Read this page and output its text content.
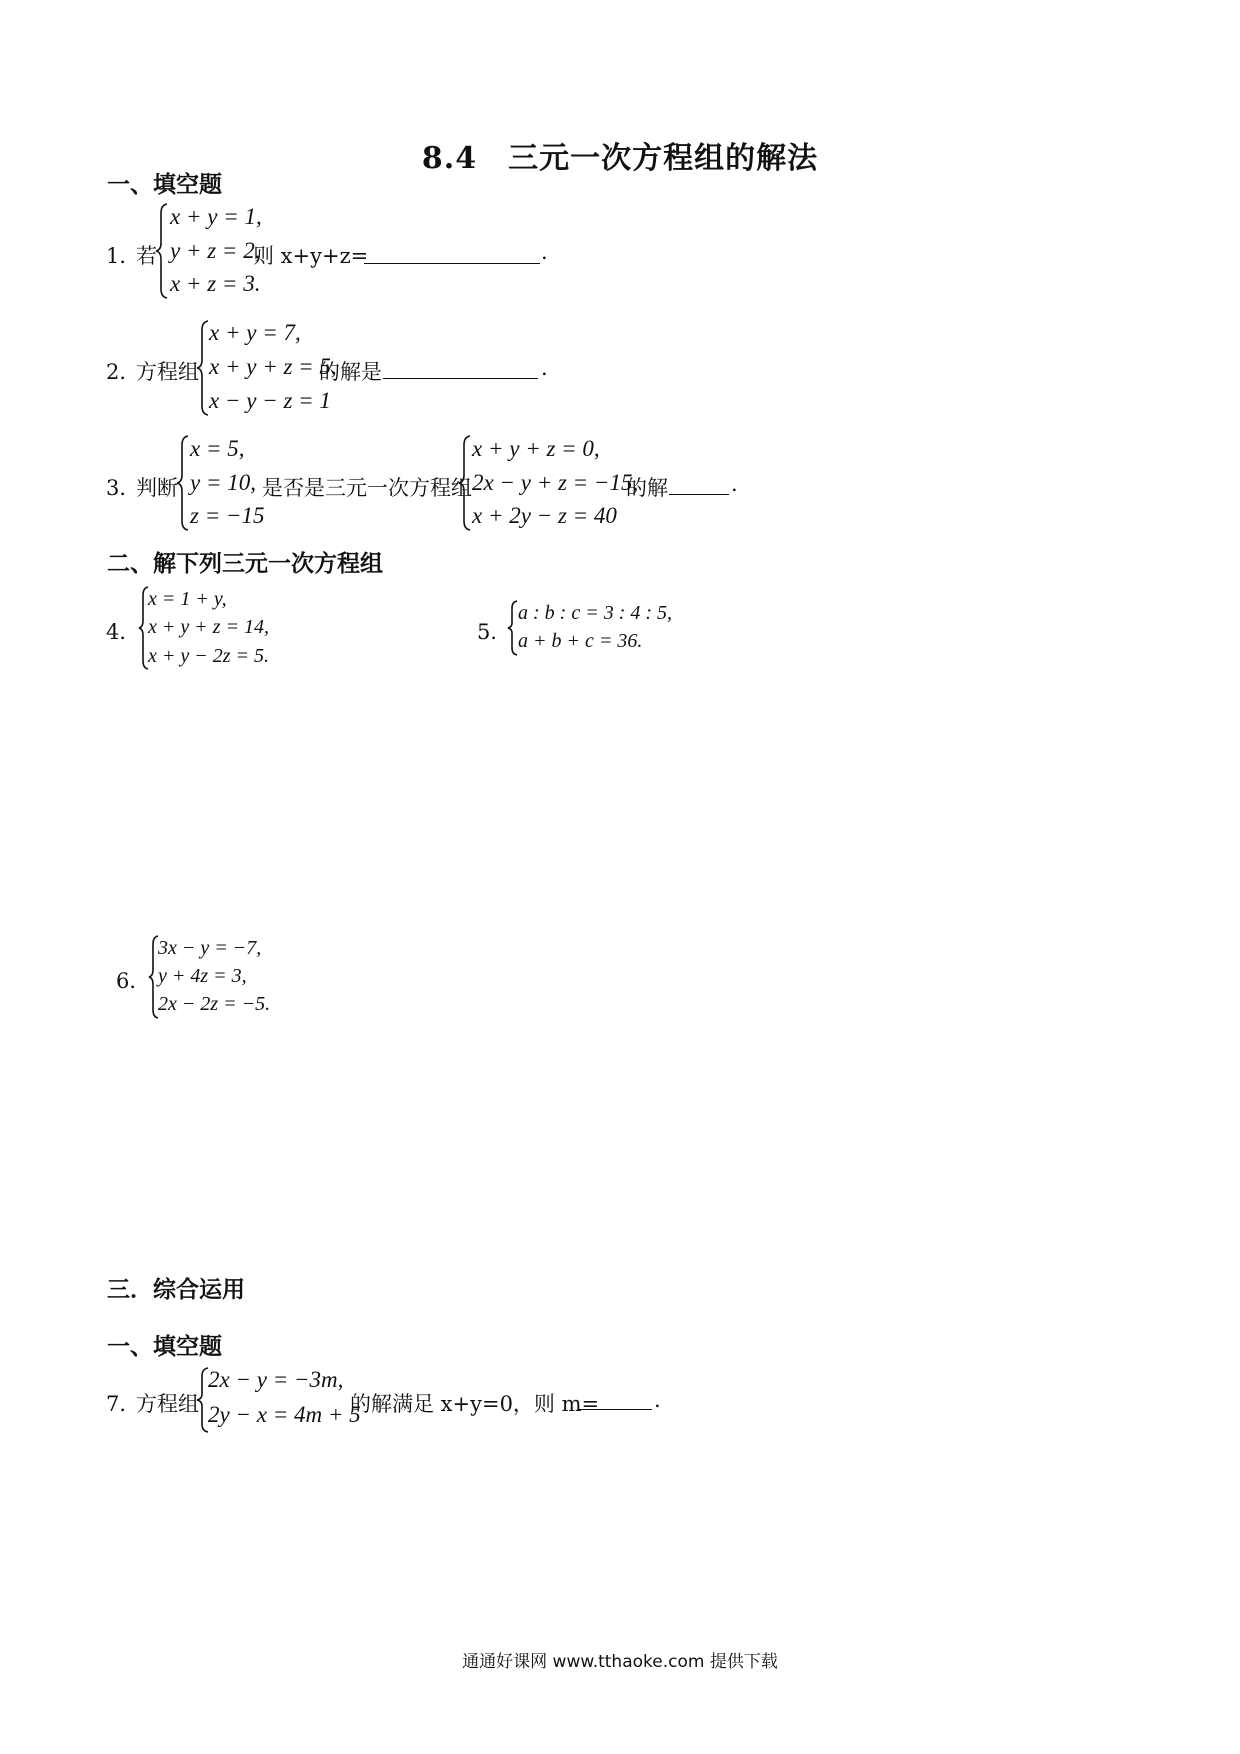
8.4　三元一次方程组的解法
一、填空题
1．
若
x + y = 1,
y + z = 2,
x + z = 3.
则 x+y+z=	.
2．
方程组
x + y = 7,
x + y + z = 5,
x − y − z = 1
的解是	.
3．
判断
x = 5,
y = 10,
z = −15
是否是三元一次方程组
x + y + z = 0,
2x − y + z = −15,
x + 2y − z = 40
的解	.
二、解下列三元一次方程组
4．
x = 1 + y,
x + y + z = 14,
x + y − 2z = 5.
5．
a : b : c = 3 : 4 : 5,
a + b + c = 36.
6．
3x − y = −7,
y + 4z = 3,
2x − 2z = −5.
三．综合运用
一、填空题
7．
方程组
2x − y = −3m,
2y − x = 4m + 5
的解满足 x+y=0，则 m=	.
通通好课网 www.tthaoke.com 提供下载
